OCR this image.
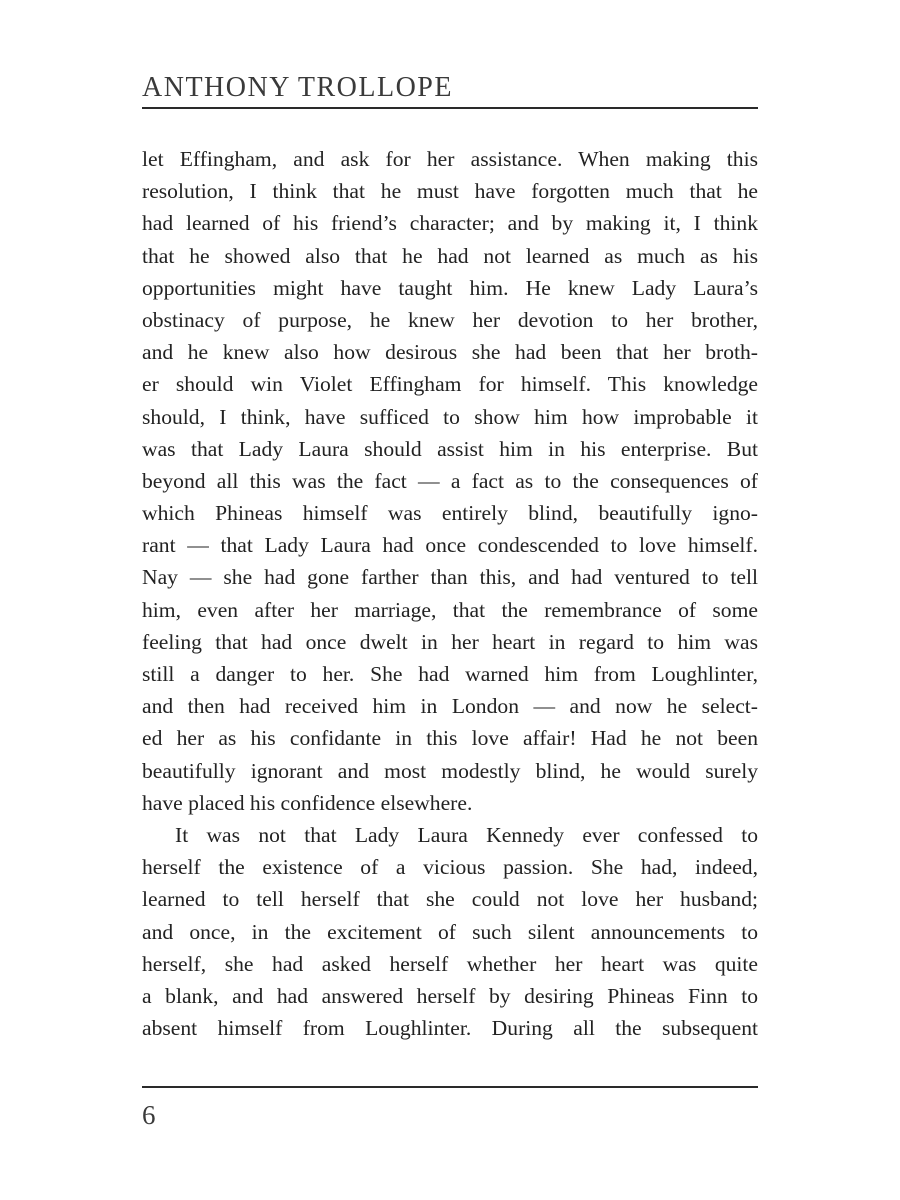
ANTHONY TROLLOPE
let Effingham, and ask for her assistance. When making this
resolution, I think that he must have forgotten much that he
had learned of his friend’s character; and by making it, I think
that he showed also that he had not learned as much as his
opportunities might have taught him. He knew Lady Laura’s
obstinacy of purpose, he knew her devotion to her brother,
and he knew also how desirous she had been that her broth-
er should win Violet Effingham for himself. This knowledge
should, I think, have sufficed to show him how improbable it
was that Lady Laura should assist him in his enterprise. But
beyond all this was the fact — a fact as to the consequences of
which Phineas himself was entirely blind, beautifully igno-
rant — that Lady Laura had once condescended to love himself.
Nay — she had gone farther than this, and had ventured to tell
him, even after her marriage, that the remembrance of some
feeling that had once dwelt in her heart in regard to him was
still a danger to her. She had warned him from Loughlinter,
and then had received him in London — and now he select-
ed her as his confidante in this love affair! Had he not been
beautifully ignorant and most modestly blind, he would surely
have placed his confidence elsewhere.
It was not that Lady Laura Kennedy ever confessed to
herself the existence of a vicious passion. She had, indeed,
learned to tell herself that she could not love her husband;
and once, in the excitement of such silent announcements to
herself, she had asked herself whether her heart was quite
a blank, and had answered herself by desiring Phineas Finn to
absent himself from Loughlinter. During all the subsequent
6
